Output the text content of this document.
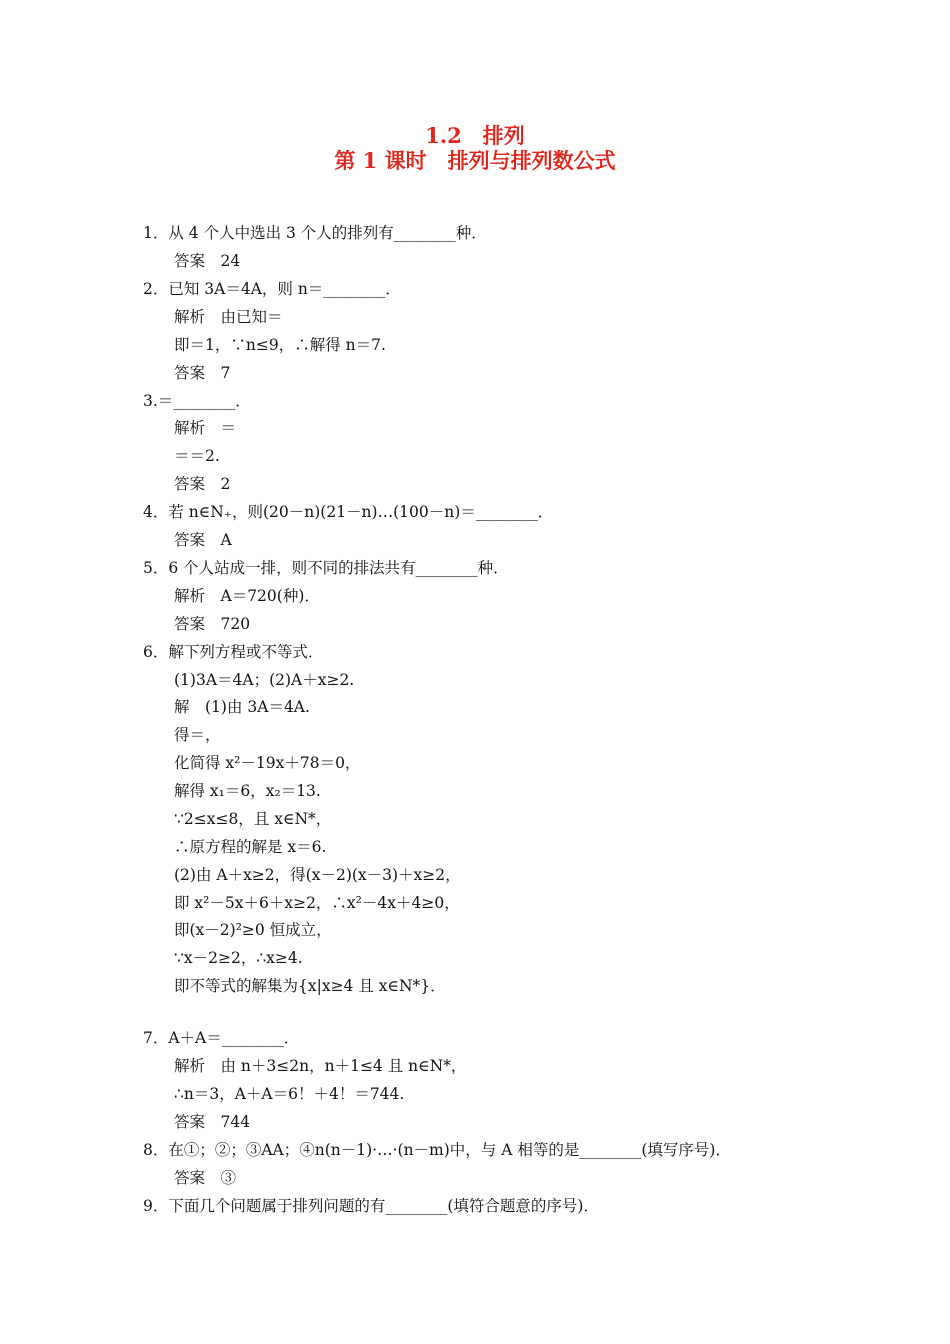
1.2　排列
第 1 课时　排列与排列数公式
1．从 4 个人中选出 3 个人的排列有________种．
答案　24
2．已知 3A＝4A，则 n＝________．
解析　由已知＝
即＝1，∵n≤9，∴解得 n＝7.
答案　7
3.＝________．
解析　＝
＝＝2.
答案　2
4．若 n∈N₊，则(20－n)(21－n)…(100－n)＝________．
答案　A
5．6 个人站成一排，则不同的排法共有________种．
解析　A＝720(种)．
答案　720
6．解下列方程或不等式．
(1)3A＝4A；(2)A＋x≥2.
解　(1)由 3A＝4A.
得＝，
化简得 x²－19x＋78＝0，
解得 x₁＝6，x₂＝13.
∵2≤x≤8，且 x∈N*，
∴原方程的解是 x＝6.
(2)由 A＋x≥2，得(x－2)(x－3)＋x≥2，
即 x²－5x＋6＋x≥2，∴x²－4x＋4≥0，
即(x－2)²≥0 恒成立，
∵x－2≥2，∴x≥4.
即不等式的解集为{x|x≥4 且 x∈N*}．
7．A＋A＝________．
解析　由 n＋3≤2n，n＋1≤4 且 n∈N*，
∴n＝3，A＋A＝6！＋4！＝744.
答案　744
8．在①；②；③AA；④n(n－1)·…·(n－m)中，与 A 相等的是________(填写序号)．
答案　③
9．下面几个问题属于排列问题的有________(填符合题意的序号)．
